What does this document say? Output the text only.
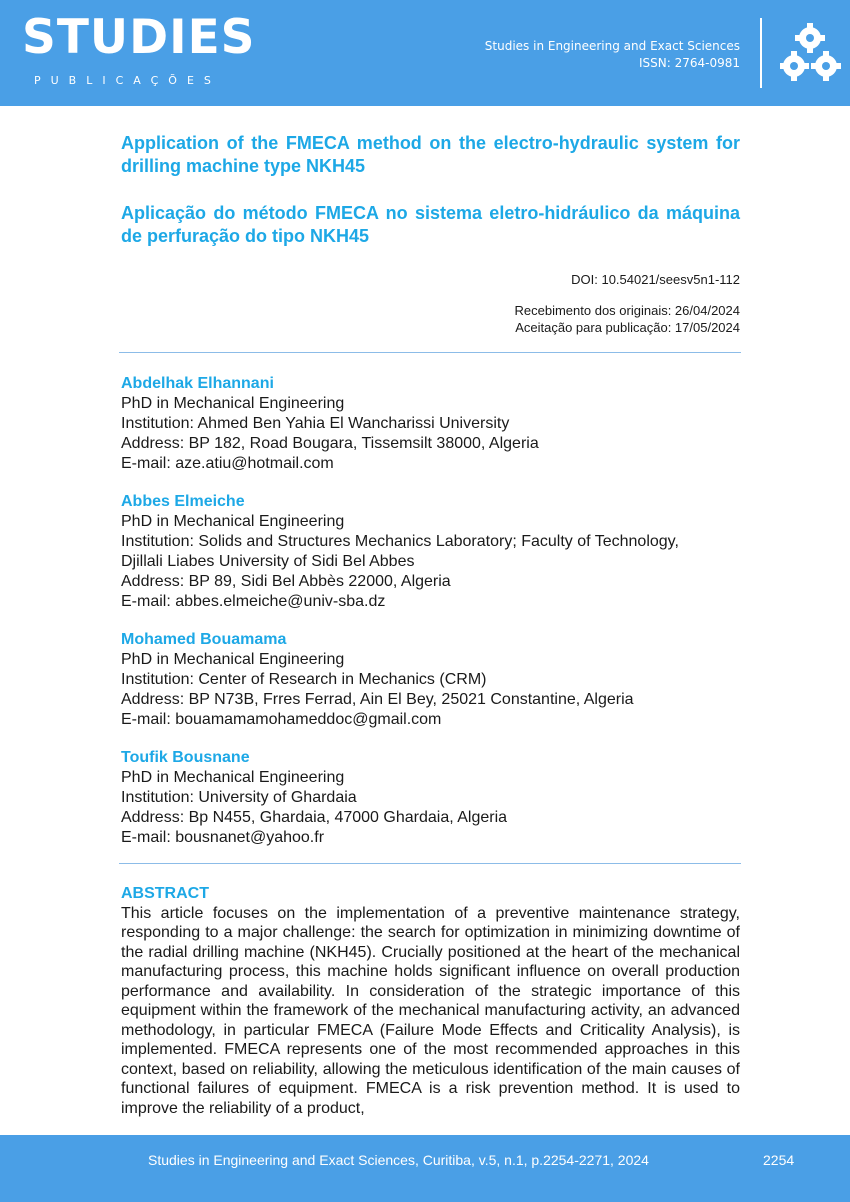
STUDIES
PUBLICAÇÕES
Studies in Engineering and Exact Sciences
ISSN: 2764-0981
Application of the FMECA method on the electro-hydraulic system for drilling machine type NKH45
Aplicação do método FMECA no sistema eletro-hidráulico da máquina de perfuração do tipo NKH45
DOI: 10.54021/seesv5n1-112
Recebimento dos originais: 26/04/2024
Aceitação para publicação: 17/05/2024
Abdelhak Elhannani
PhD in Mechanical Engineering
Institution: Ahmed Ben Yahia El Wancharissi University
Address: BP 182, Road Bougara, Tissemsilt 38000, Algeria
E-mail: aze.atiu@hotmail.com
Abbes Elmeiche
PhD in Mechanical Engineering
Institution: Solids and Structures Mechanics Laboratory; Faculty of Technology,
Djillali Liabes University of Sidi Bel Abbes
Address: BP 89, Sidi Bel Abbès 22000, Algeria
E-mail: abbes.elmeiche@univ-sba.dz
Mohamed Bouamama
PhD in Mechanical Engineering
Institution: Center of Research in Mechanics (CRM)
Address: BP N73B, Frres Ferrad, Ain El Bey, 25021 Constantine, Algeria
E-mail: bouamamamohameddoc@gmail.com
Toufik Bousnane
PhD in Mechanical Engineering
Institution: University of Ghardaia
Address: Bp N455, Ghardaia, 47000 Ghardaia, Algeria
E-mail: bousnanet@yahoo.fr
ABSTRACT
This article focuses on the implementation of a preventive maintenance strategy, responding to a major challenge: the search for optimization in minimizing downtime of the radial drilling machine (NKH45). Crucially positioned at the heart of the mechanical manufacturing process, this machine holds significant influence on overall production performance and availability. In consideration of the strategic importance of this equipment within the framework of the mechanical manufacturing activity, an advanced methodology, in particular FMECA (Failure Mode Effects and Criticality Analysis), is implemented. FMECA represents one of the most recommended approaches in this context, based on reliability, allowing the meticulous identification of the main causes of functional failures of equipment. FMECA is a risk prevention method. It is used to improve the reliability of a product,
Studies in Engineering and Exact Sciences, Curitiba, v.5, n.1, p.2254-2271, 2024	2254
